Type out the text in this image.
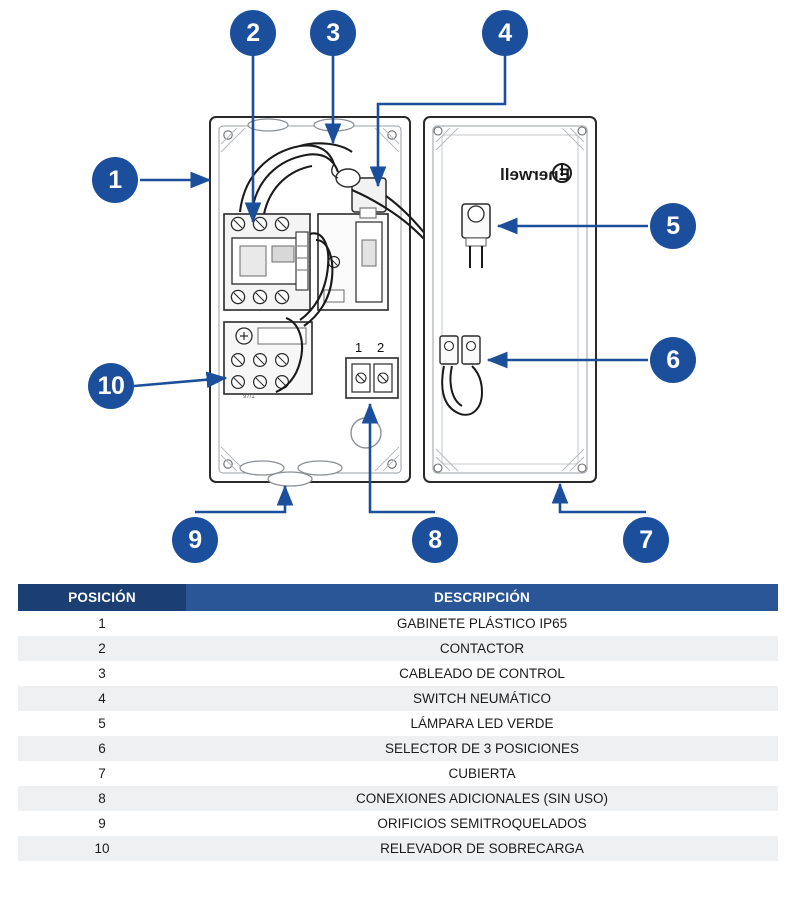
97/1
1 2
Enerwell
1
2	3	4
5
6
7
8
9
10
POSICIÓN	DESCRIPCIÓN
1	GABINETE PLÁSTICO IP65
2	CONTACTOR
3	CABLEADO DE CONTROL
4	SWITCH NEUMÁTICO
5	LÁMPARA LED VERDE
6	SELECTOR DE 3 POSICIONES
7	CUBIERTA
8	CONEXIONES ADICIONALES (SIN USO)
9	ORIFICIOS SEMITROQUELADOS
10	RELEVADOR DE SOBRECARGA
